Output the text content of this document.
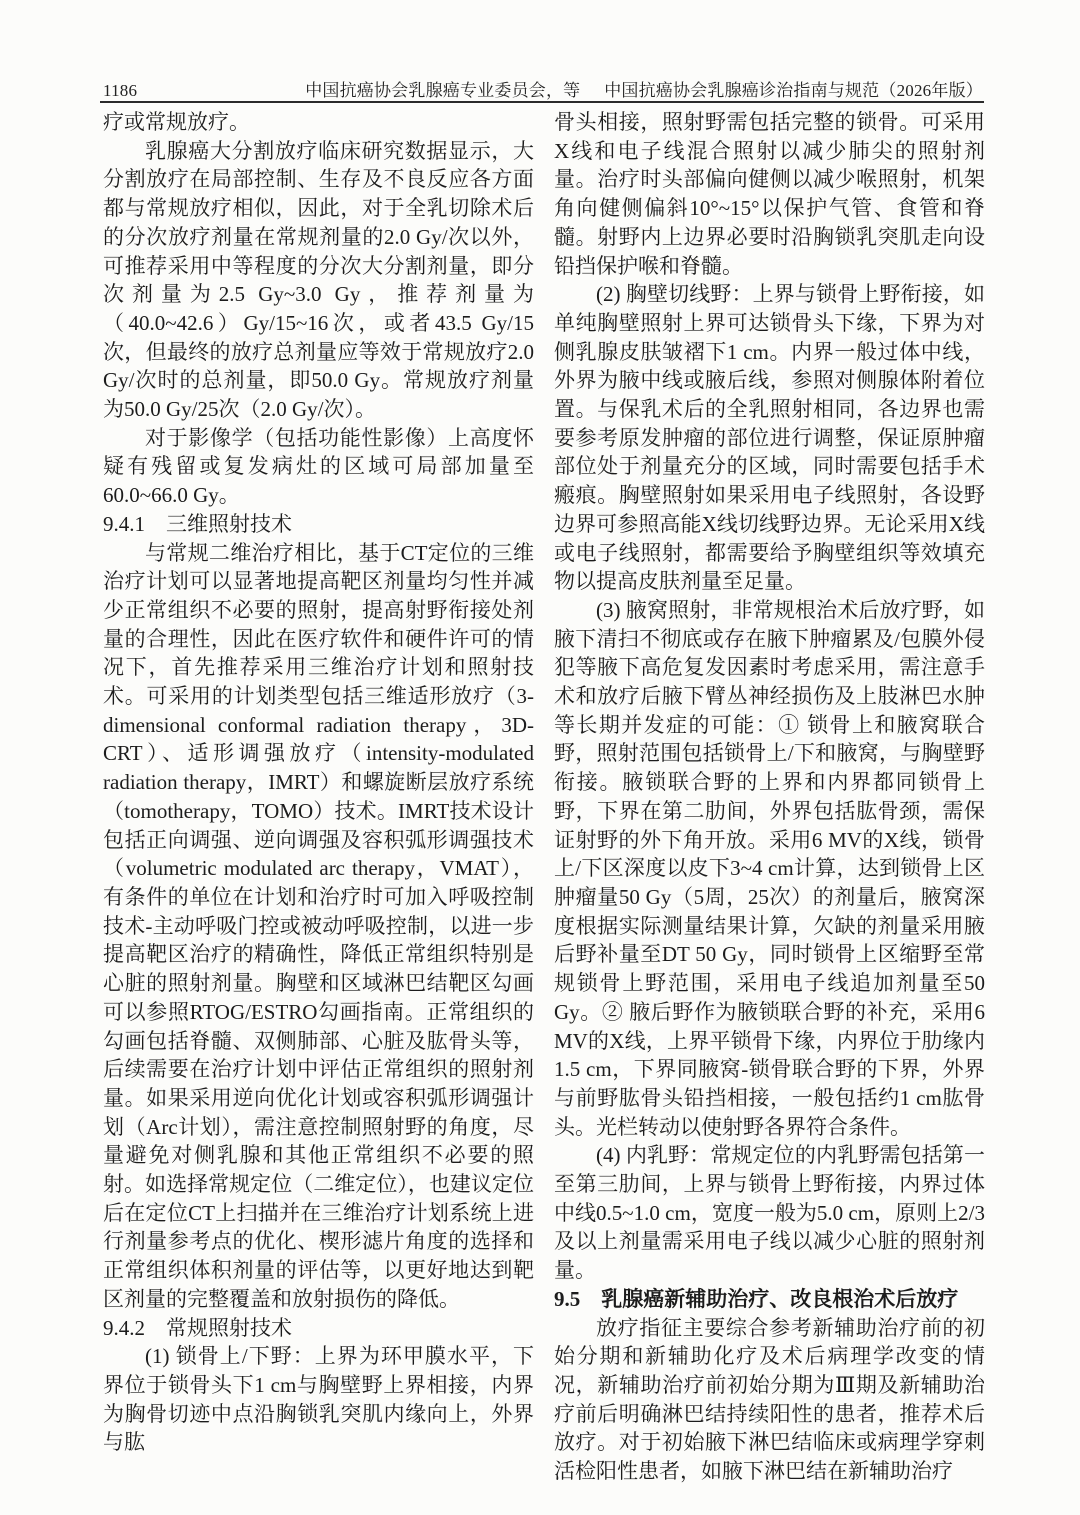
1186	中国抗癌协会乳腺癌专业委员会，等 中国抗癌协会乳腺癌诊治指南与规范（2026年版）

疗或常规放疗。

乳腺癌大分割放疗临床研究数据显示，大分割放疗在局部控制、生存及不良反应各方面都与常规放疗相似，因此，对于全乳切除术后的分次放疗剂量在常规剂量的2.0 Gy/次以外，可推荐采用中等程度的分次大分割剂量，即分次剂量为2.5 Gy~3.0 Gy，推荐剂量为（40.0~42.6）Gy/15~16次，或者43.5 Gy/15次，但最终的放疗总剂量应等效于常规放疗2.0 Gy/次时的总剂量，即50.0 Gy。常规放疗剂量为50.0 Gy/25次（2.0 Gy/次）。

对于影像学（包括功能性影像）上高度怀疑有残留或复发病灶的区域可局部加量至60.0~66.0 Gy。

9.4.1　三维照射技术

与常规二维治疗相比，基于CT定位的三维治疗计划可以显著地提高靶区剂量均匀性并减少正常组织不必要的照射，提高射野衔接处剂量的合理性，因此在医疗软件和硬件许可的情况下，首先推荐采用三维治疗计划和照射技术。可采用的计划类型包括三维适形放疗（3-dimensional conformal radiation therapy，3D-CRT）、适形调强放疗（intensity-modulated radiation therapy，IMRT）和螺旋断层放疗系统（tomotherapy，TOMO）技术。IMRT技术设计包括正向调强、逆向调强及容积弧形调强技术（volumetric modulated arc therapy，VMAT），有条件的单位在计划和治疗时可加入呼吸控制技术-主动呼吸门控或被动呼吸控制，以进一步提高靶区治疗的精确性，降低正常组织特别是心脏的照射剂量。胸壁和区域淋巴结靶区勾画可以参照RTOG/ESTRO勾画指南。正常组织的勾画包括脊髓、双侧肺部、心脏及肱骨头等，后续需要在治疗计划中评估正常组织的照射剂量。如果采用逆向优化计划或容积弧形调强计划（Arc计划），需注意控制照射野的角度，尽量避免对侧乳腺和其他正常组织不必要的照射。如选择常规定位（二维定位），也建议定位后在定位CT上扫描并在三维治疗计划系统上进行剂量参考点的优化、楔形滤片角度的选择和正常组织体积剂量的评估等，以更好地达到靶区剂量的完整覆盖和放射损伤的降低。

9.4.2　常规照射技术

(1) 锁骨上/下野：上界为环甲膜水平，下界位于锁骨头下1 cm与胸壁野上界相接，内界为胸骨切迹中点沿胸锁乳突肌内缘向上，外界与肱

骨头相接，照射野需包括完整的锁骨。可采用X线和电子线混合照射以减少肺尖的照射剂量。治疗时头部偏向健侧以减少喉照射，机架角向健侧偏斜10°~15°以保护气管、食管和脊髓。射野内上边界必要时沿胸锁乳突肌走向设铅挡保护喉和脊髓。

(2) 胸壁切线野：上界与锁骨上野衔接，如单纯胸壁照射上界可达锁骨头下缘，下界为对侧乳腺皮肤皱褶下1 cm。内界一般过体中线，外界为腋中线或腋后线，参照对侧腺体附着位置。与保乳术后的全乳照射相同，各边界也需要参考原发肿瘤的部位进行调整，保证原肿瘤部位处于剂量充分的区域，同时需要包括手术瘢痕。胸壁照射如果采用电子线照射，各设野边界可参照高能X线切线野边界。无论采用X线或电子线照射，都需要给予胸壁组织等效填充物以提高皮肤剂量至足量。

(3) 腋窝照射，非常规根治术后放疗野，如腋下清扫不彻底或存在腋下肿瘤累及/包膜外侵犯等腋下高危复发因素时考虑采用，需注意手术和放疗后腋下臂丛神经损伤及上肢淋巴水肿等长期并发症的可能：① 锁骨上和腋窝联合野，照射范围包括锁骨上/下和腋窝，与胸壁野衔接。腋锁联合野的上界和内界都同锁骨上野，下界在第二肋间，外界包括肱骨颈，需保证射野的外下角开放。采用6 MV的X线，锁骨上/下区深度以皮下3~4 cm计算，达到锁骨上区肿瘤量50 Gy（5周，25次）的剂量后，腋窝深度根据实际测量结果计算，欠缺的剂量采用腋后野补量至DT 50 Gy，同时锁骨上区缩野至常规锁骨上野范围，采用电子线追加剂量至50 Gy。② 腋后野作为腋锁联合野的补充，采用6 MV的X线，上界平锁骨下缘，内界位于肋缘内1.5 cm，下界同腋窝-锁骨联合野的下界，外界与前野肱骨头铅挡相接，一般包括约1 cm肱骨头。光栏转动以使射野各界符合条件。

(4) 内乳野：常规定位的内乳野需包括第一至第三肋间，上界与锁骨上野衔接，内界过体中线0.5~1.0 cm，宽度一般为5.0 cm，原则上2/3及以上剂量需采用电子线以减少心脏的照射剂量。

9.5　乳腺癌新辅助治疗、改良根治术后放疗

放疗指征主要综合参考新辅助治疗前的初始分期和新辅助化疗及术后病理学改变的情况，新辅助治疗前初始分期为Ⅲ期及新辅助治疗前后明确淋巴结持续阳性的患者，推荐术后放疗。对于初始腋下淋巴结临床或病理学穿刺活检阳性患者，如腋下淋巴结在新辅助治疗
